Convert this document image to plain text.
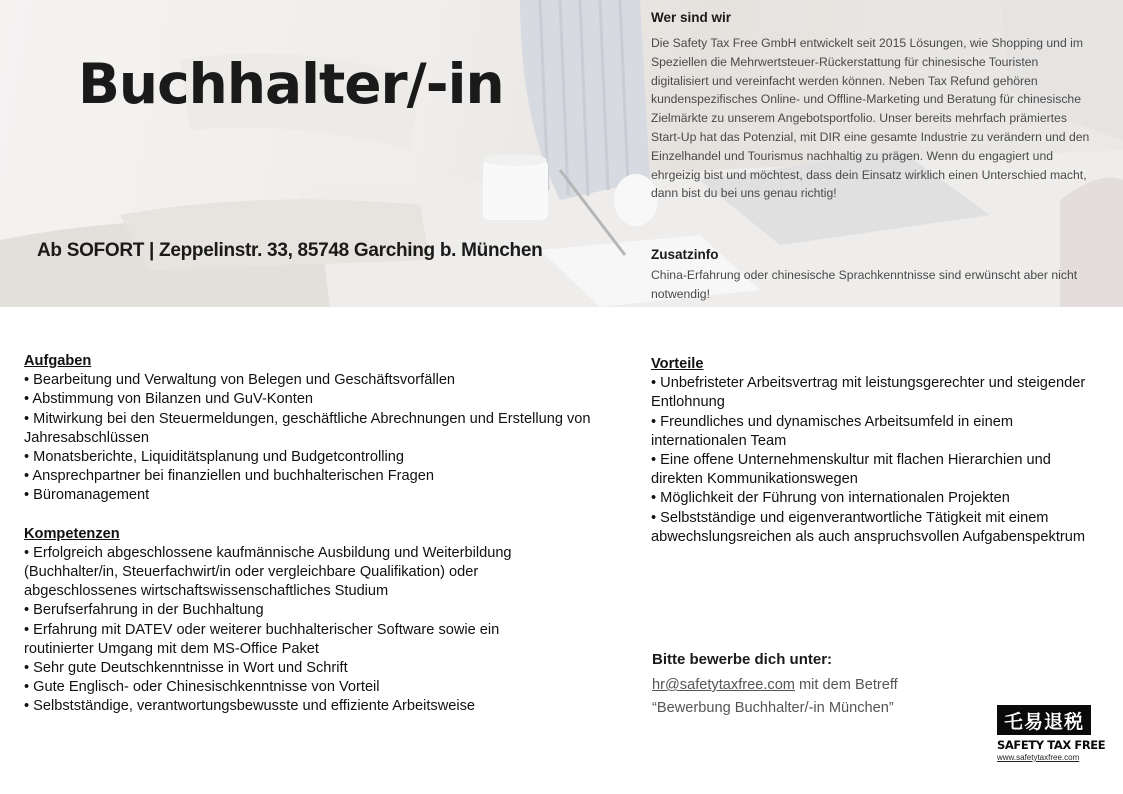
Buchhalter/-in
Ab SOFORT | Zeppelinstr. 33, 85748 Garching b. München
Wer sind wir

Die Safety Tax Free GmbH entwickelt seit 2015 Lösungen, wie Shopping und im Speziellen die Mehrwertsteuer-Rückerstattung für chinesische Touristen digitalisiert und vereinfacht werden können. Neben Tax Refund gehören kundenspezifisches Online- und Offline-Marketing und Beratung für chinesische Zielmärkte zu unserem Angebotsportfolio. Unser bereits mehrfach prämiertes Start-Up hat das Potenzial, mit DIR eine gesamte Industrie zu verändern und den Einzelhandel und Tourismus nachhaltig zu prägen. Wenn du engagiert und ehrgeizig bist und möchtest, dass dein Einsatz wirklich einen Unterschied macht, dann bist du bei uns genau richtig!

Zusatzinfo

China-Erfahrung oder chinesische Sprachkenntnisse sind erwünscht aber nicht notwendig!

Aufgaben
• Bearbeitung und Verwaltung von Belegen und Geschäftsvorfällen
• Abstimmung von Bilanzen und GuV-Konten
• Mitwirkung bei den Steuermeldungen, geschäftliche Abrechnungen und Erstellung von Jahresabschlüssen
• Monatsberichte, Liquiditätsplanung und Budgetcontrolling
• Ansprechpartner bei finanziellen und buchhalterischen Fragen
• Büromanagement
Kompetenzen
• Erfolgreich abgeschlossene kaufmännische Ausbildung und Weiterbildung (Buchhalter/in, Steuerfachwirt/in oder vergleichbare Qualifikation) oder abgeschlossenes wirtschaftswissenschaftliches Studium
• Berufserfahrung in der Buchhaltung
• Erfahrung mit DATEV oder weiterer buchhalterischer Software sowie ein routinierter Umgang mit dem MS-Office Paket
• Sehr gute Deutschkenntnisse in Wort und Schrift
• Gute Englisch- oder Chinesischkenntnisse von Vorteil
• Selbstständige, verantwortungsbewusste und effiziente Arbeitsweise
Vorteile
• Unbefristeter Arbeitsvertrag mit leistungsgerechter und steigender Entlohnung
• Freundliches und dynamisches Arbeitsumfeld in einem internationalen Team
• Eine offene Unternehmenskultur mit flachen Hierarchien und direkten Kommunikationswegen
• Möglichkeit der Führung von internationalen Projekten
• Selbstständige und eigenverantwortliche Tätigkeit mit einem abwechslungsreichen als auch anspruchsvollen Aufgabenspektrum
Bitte bewerbe dich unter:
hr@safetytaxfree.com mit dem Betreff “Bewerbung Buchhalter/-in München”
乇易退税
SAFETY TAX FREE
www.safetytaxfree.com
